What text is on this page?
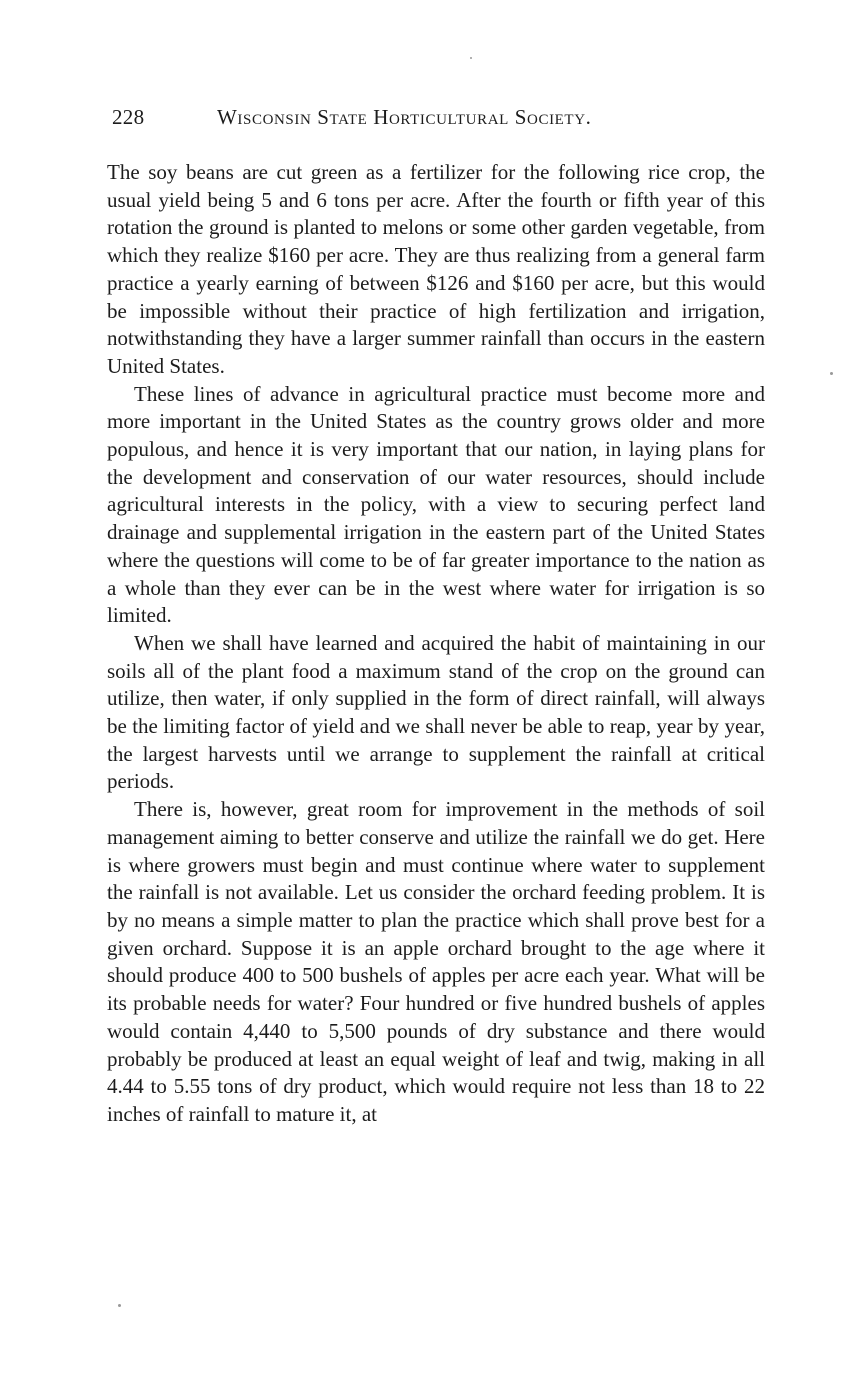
228	Wisconsin State Horticultural Society.

The soy beans are cut green as a fertilizer for the following rice crop, the usual yield being 5 and 6 tons per acre. After the fourth or fifth year of this rotation the ground is planted to melons or some other garden vegetable, from which they realize $160 per acre. They are thus realizing from a general farm practice a yearly earning of between $126 and $160 per acre, but this would be impossible without their practice of high fertilization and irrigation, notwithstanding they have a larger summer rainfall than occurs in the eastern United States.

These lines of advance in agricultural practice must become more and more important in the United States as the country grows older and more populous, and hence it is very important that our nation, in laying plans for the development and conservation of our water resources, should include agricultural interests in the policy, with a view to securing perfect land drainage and supplemental irrigation in the eastern part of the United States where the questions will come to be of far greater importance to the nation as a whole than they ever can be in the west where water for irrigation is so limited.

When we shall have learned and acquired the habit of maintaining in our soils all of the plant food a maximum stand of the crop on the ground can utilize, then water, if only supplied in the form of direct rainfall, will always be the limiting factor of yield and we shall never be able to reap, year by year, the largest harvests until we arrange to supplement the rainfall at critical periods.

There is, however, great room for improvement in the methods of soil management aiming to better conserve and utilize the rainfall we do get. Here is where growers must begin and must continue where water to supplement the rainfall is not available. Let us consider the orchard feeding problem. It is by no means a simple matter to plan the practice which shall prove best for a given orchard. Suppose it is an apple orchard brought to the age where it should produce 400 to 500 bushels of apples per acre each year. What will be its probable needs for water? Four hundred or five hundred bushels of apples would contain 4,440 to 5,500 pounds of dry substance and there would probably be produced at least an equal weight of leaf and twig, making in all 4.44 to 5.55 tons of dry product, which would require not less than 18 to 22 inches of rainfall to mature it, at
